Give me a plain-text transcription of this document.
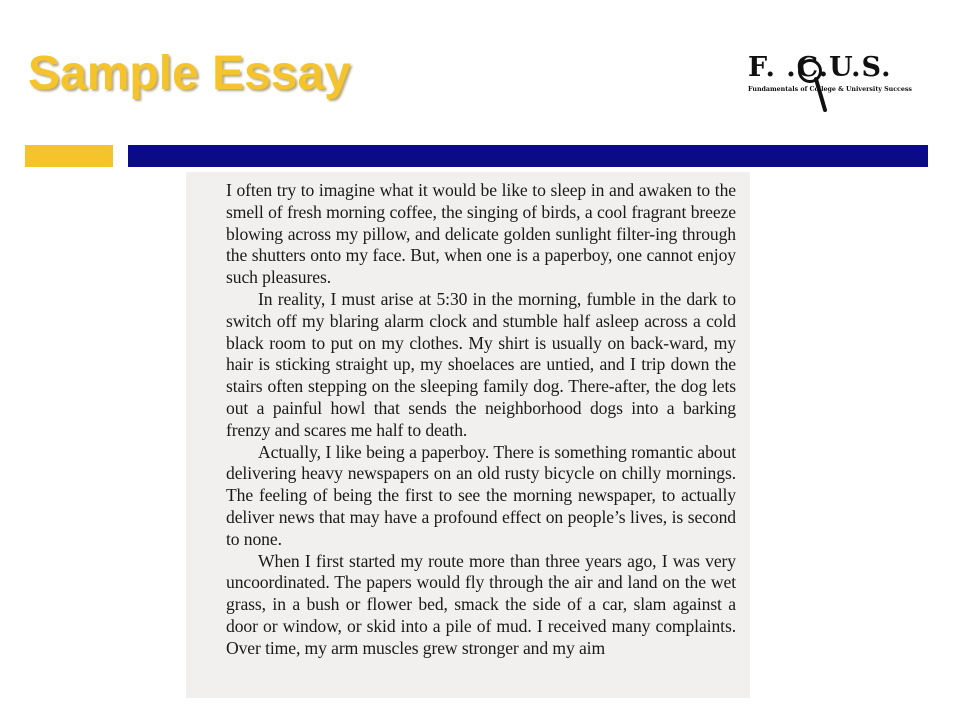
Sample Essay	F. .C.U.S.
Fundamentals of College & University Success

I often try to imagine what it would be like to sleep in and awaken to the smell of fresh morning coffee, the singing of birds, a cool fragrant breeze blowing across my pillow, and delicate golden sunlight filter-ing through the shutters onto my face. But, when one is a paperboy, one cannot enjoy such pleasures.

In reality, I must arise at 5:30 in the morning, fumble in the dark to switch off my blaring alarm clock and stumble half asleep across a cold black room to put on my clothes. My shirt is usually on back-ward, my hair is sticking straight up, my shoelaces are untied, and I trip down the stairs often stepping on the sleeping family dog. There-after, the dog lets out a painful howl that sends the neighborhood dogs into a barking frenzy and scares me half to death.

Actually, I like being a paperboy. There is something romantic about delivering heavy newspapers on an old rusty bicycle on chilly mornings. The feeling of being the first to see the morning newspaper, to actually deliver news that may have a profound effect on people’s lives, is second to none.

When I first started my route more than three years ago, I was very uncoordinated. The papers would fly through the air and land on the wet grass, in a bush or flower bed, smack the side of a car, slam against a door or window, or skid into a pile of mud. I received many complaints. Over time, my arm muscles grew stronger and my aim
